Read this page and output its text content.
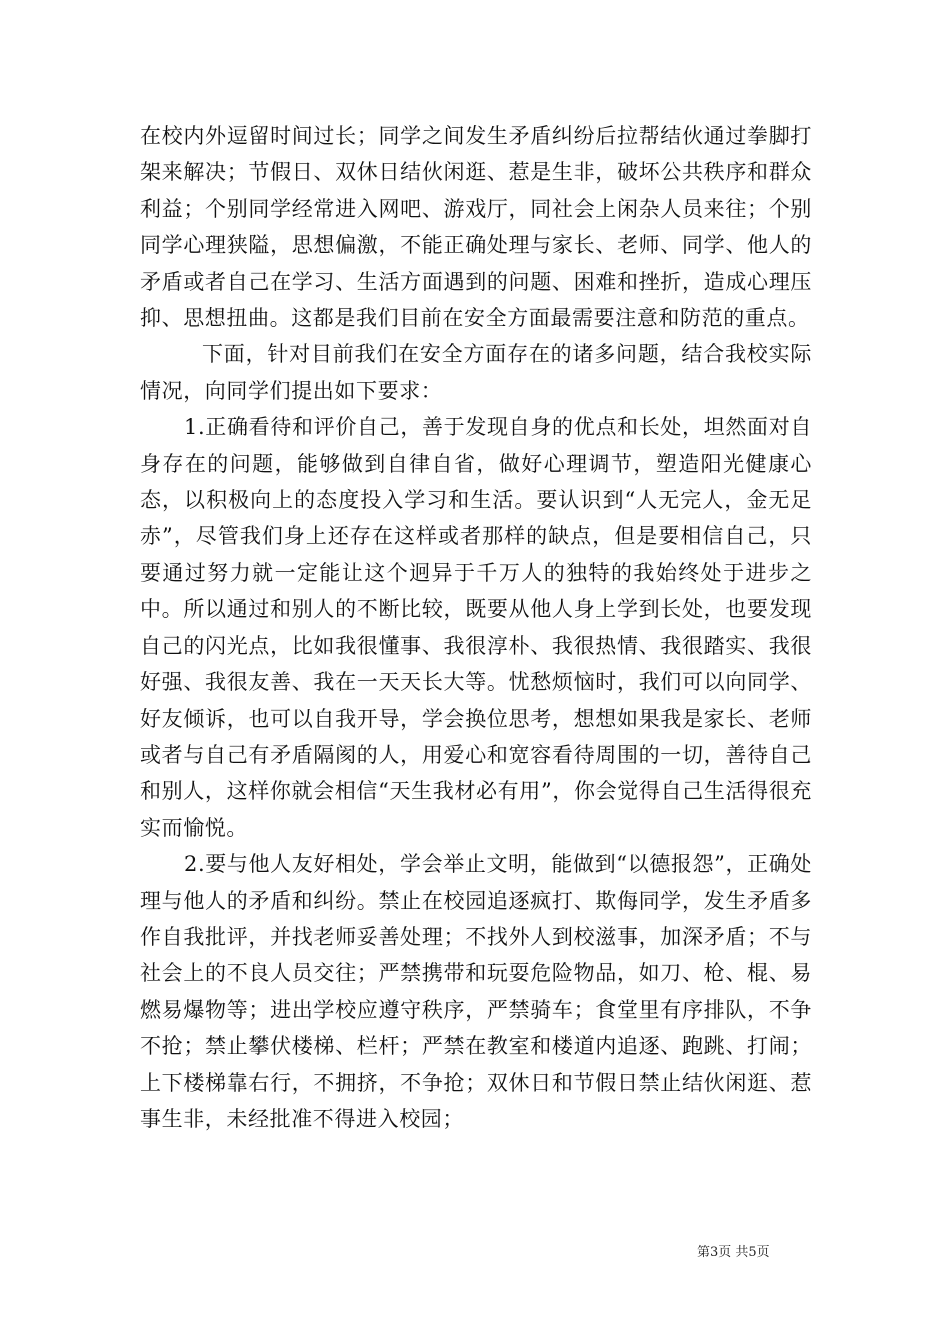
在校内外逗留时间过长；同学之间发生矛盾纠纷后拉帮结伙通过拳脚打架来解决；节假日、双休日结伙闲逛、惹是生非，破坏公共秩序和群众利益；个别同学经常进入网吧、游戏厅，同社会上闲杂人员来往；个别同学心理狭隘，思想偏激，不能正确处理与家长、老师、同学、他人的矛盾或者自己在学习、生活方面遇到的问题、困难和挫折，造成心理压抑、思想扭曲。这都是我们目前在安全方面最需要注意和防范的重点。

下面，针对目前我们在安全方面存在的诸多问题，结合我校实际情况，向同学们提出如下要求：

1.正确看待和评价自己，善于发现自身的优点和长处，坦然面对自身存在的问题，能够做到自律自省，做好心理调节，塑造阳光健康心态，以积极向上的态度投入学习和生活。要认识到“人无完人，金无足赤”，尽管我们身上还存在这样或者那样的缺点，但是要相信自己，只要通过努力就一定能让这个迥异于千万人的独特的我始终处于进步之中。所以通过和别人的不断比较，既要从他人身上学到长处，也要发现自己的闪光点，比如我很懂事、我很淳朴、我很热情、我很踏实、我很好强、我很友善、我在一天天长大等。忧愁烦恼时，我们可以向同学、好友倾诉，也可以自我开导，学会换位思考，想想如果我是家长、老师或者与自己有矛盾隔阂的人，用爱心和宽容看待周围的一切，善待自己和别人，这样你就会相信“天生我材必有用”，你会觉得自己生活得很充实而愉悦。

2.要与他人友好相处，学会举止文明，能做到“以德报怨”，正确处理与他人的矛盾和纠纷。禁止在校园追逐疯打、欺侮同学，发生矛盾多作自我批评，并找老师妥善处理；不找外人到校滋事，加深矛盾；不与社会上的不良人员交往；严禁携带和玩耍危险物品，如刀、枪、棍、易燃易爆物等；进出学校应遵守秩序，严禁骑车；食堂里有序排队，不争不抢；禁止攀伏楼梯、栏杆；严禁在教室和楼道内追逐、跑跳、打闹；上下楼梯靠右行，不拥挤，不争抢；双休日和节假日禁止结伙闲逛、惹事生非，未经批准不得进入校园；

第3页 共5页
